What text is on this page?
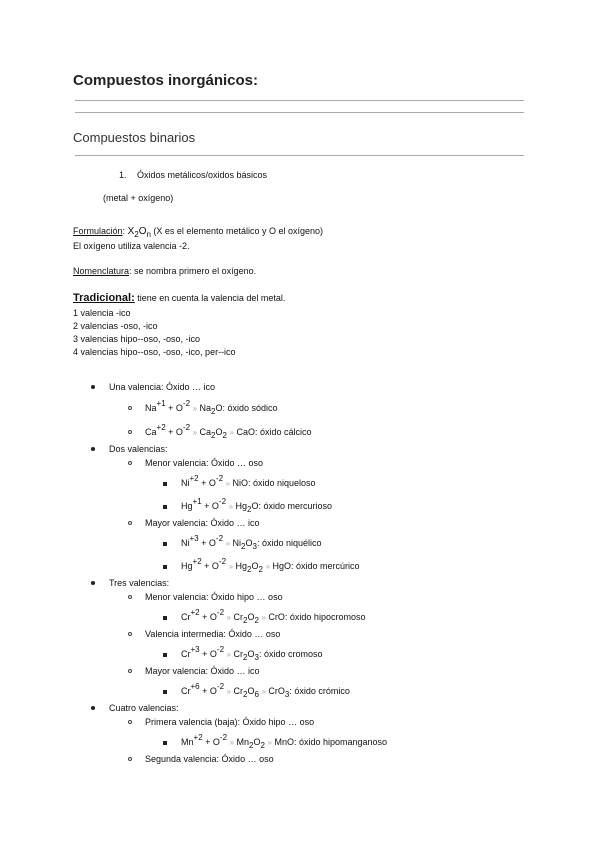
Compuestos inorgánicos:
Compuestos binarios
1. Óxidos metálicos/oxidos básicos
(metal + oxígeno)
Formulación: $X_2O_n$ (X es el elemento metálico y O el oxígeno)
El oxígeno utiliza valencia -2.
Nomenclatura: se nombra primero el oxígeno.
Tradicional: tiene en cuenta la valencia del metal.
1 valencia -ico
2 valencias -oso, -ico
3 valencias hipo--oso, -oso, -ico
4 valencias hipo--oso, -oso, -ico, per--ico
Una valencia: Óxido … ico
$Na^{+1} + O^{-2}$ » $Na_2O$: óxido sódico
$Ca^{+2} + O^{-2}$ » $Ca_2O_2$ » CaO: óxido cálcico
Dos valencias:
Menor valencia: Óxido … oso
$Ni^{+2} + O^{-2}$ » NiO: óxido niqueloso
$Hg^{+1} + O^{-2}$ » $Hg_2O$: óxido mercurioso
Mayor valencia: Óxido … ico
$Ni^{+3} + O^{-2}$ » $Ni_2O_3$: óxido niquélico
$Hg^{+2} + O^{-2}$ » $Hg_2O_2$ » HgO: óxido mercúrico
Tres valencias:
Menor valencia: Óxido hipo … oso
$Cr^{+2} + O^{-2}$ » $Cr_2O_2$ » CrO: óxido hipocromoso
Valencia intermedia: Óxido … oso
$Cr^{+3} + O^{-2}$ » $Cr_2O_3$: óxido cromoso
Mayor valencia: Óxido … ico
$Cr^{+6} + O^{-2}$ » $Cr_2O_6$ » CrO$_3$: óxido crómico
Cuatro valencias:
Primera valencia (baja): Óxido hipo … oso
$Mn^{+2} + O^{-2}$ » $Mn_2O_2$ » MnO: óxido hipomanganoso
Segunda valencia: Óxido … oso
